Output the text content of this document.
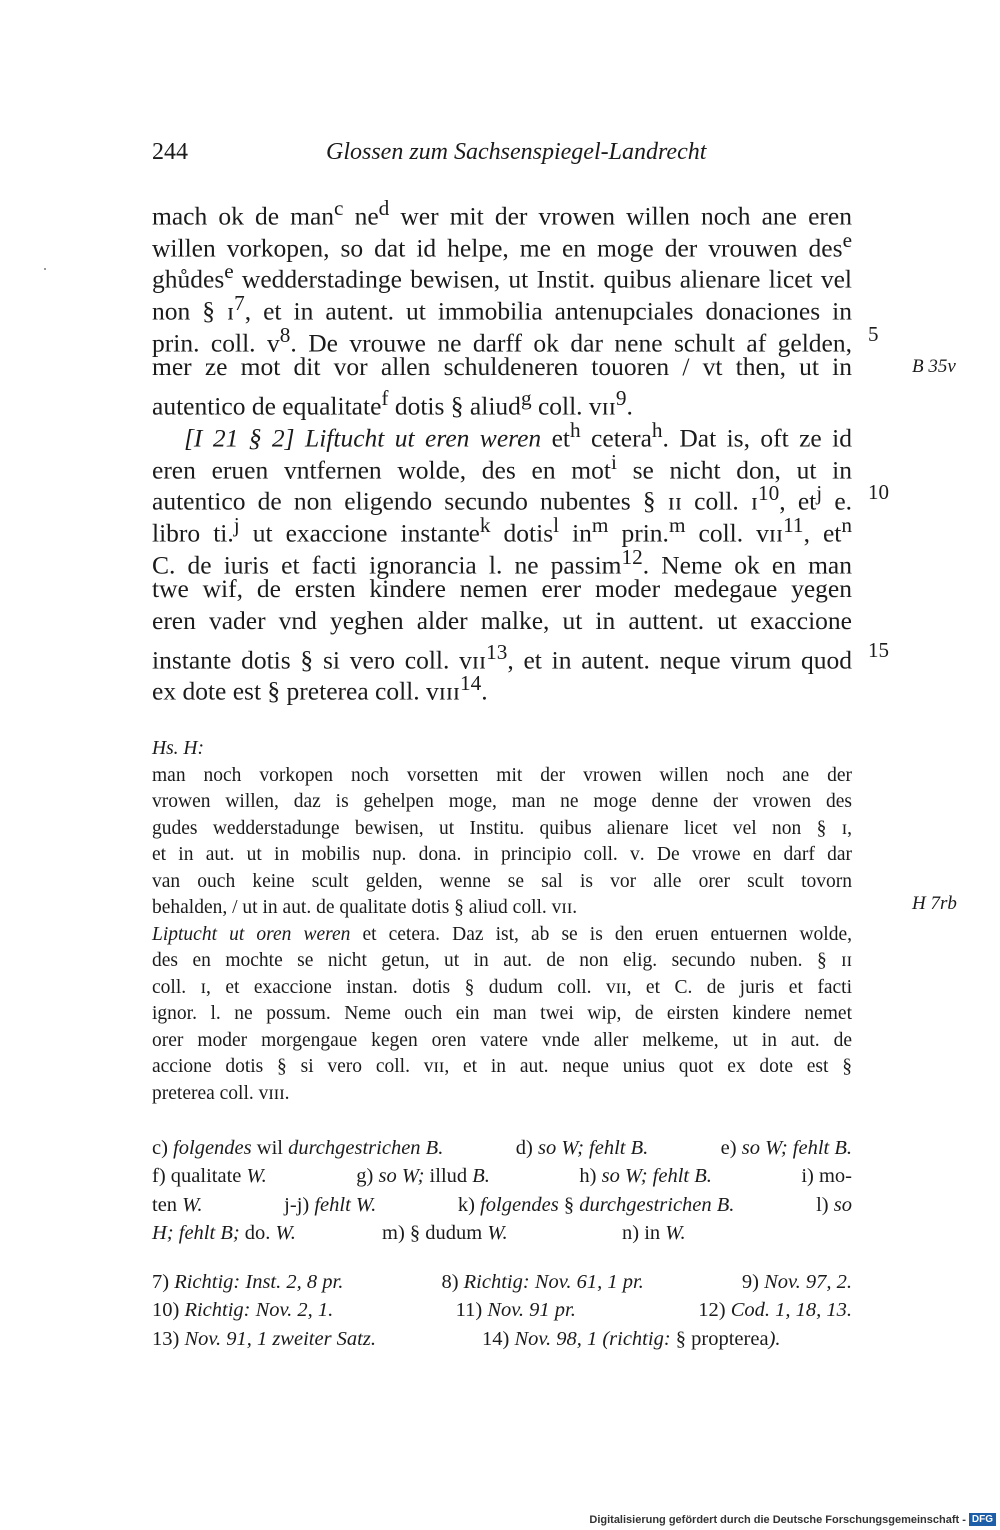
244	Glossen zum Sachsenspiegel-Landrecht
mach ok de man$^c$ $ne^d$ wer mit der vrowen willen noch ane eren
willen vorkopen, so dat id helpe, me en moge der vrouwen des$^e$
ghůdes$^e$ wedderstadinge bewisen, ut Instit. quibus alienare licet vel
non § ɪ$^7$, et in autent. ut immobilia antenupciales donaciones in
prin. coll. ᴠ$^8$. De vrouwe ne darff ok dar nene schult af gelden,
mer ze mot dit vor allen schuldeneren touoren / vt then, ut in
autentico de equalitate$^f$ dotis § aliud$^g$ coll. ᴠɪɪ$^9$.
[I 21 § 2] Liftucht ut eren weren $et^h$ cetera$^h$. Dat is, oft ze id
eren eruen vntfernen wolde, des en mot$^i$ se nicht don, ut in
autentico de non eligendo secundo nubentes § ɪɪ coll. ɪ$^{10}$, $et^j$ e.
libro ti.$^j$ ut exaccione instante$^k$ dotis$^l$ $in^m$ prin.$^m$ coll. ᴠɪɪ$^{11}$, $et^n$
C. de iuris et facti ignorancia l. ne passim$^{12}$. Neme ok en man
twe wif, de ersten kindere nemen erer moder medegaue yegen
eren vader vnd yeghen alder malke, ut in auttent. ut exaccione
instante dotis § si vero coll. ᴠɪɪ$^{13}$, et in autent. neque virum quod
ex dote est § preterea coll. ᴠɪɪɪ$^{14}$.
5
10
15
B 35v
H 7rb
Hs. H:
man noch vorkopen noch vorsetten mit der vrowen willen noch ane der
vrowen willen, daz is gehelpen moge, man ne moge denne der vrowen des
gudes wedderstadunge bewisen, ut Institu. quibus alienare licet vel non § ɪ,
et in aut. ut in mobilis nup. dona. in principio coll. ᴠ. De vrowe en darf dar
van ouch keine scult gelden, wenne se sal is vor alle orer scult tovorn
behalden, / ut in aut. de qualitate dotis § aliud coll. ᴠɪɪ.
Liptucht ut oren weren et cetera. Daz ist, ab se is den eruen entuernen wolde,
des en mochte se nicht getun, ut in aut. de non elig. secundo nuben. § ɪɪ
coll. ɪ, et exaccione instan. dotis § dudum coll. ᴠɪɪ, et C. de juris et facti
ignor. l. ne possum. Neme ouch ein man twei wip, de eirsten kindere nemet
orer moder morgengaue kegen oren vatere vnde aller melkeme, ut in aut. de
accione dotis § si vero coll. ᴠɪɪ, et in aut. neque unius quot ex dote est §
preterea coll. ᴠɪɪɪ.
c) folgendes wil durchgestrichen B.	d) so W; fehlt B.	e) so W; fehlt B.
f) qualitate W.	g) so W; illud B.	h) so W; fehlt B.	i) mo-
ten W.	j-j) fehlt W.	k) folgendes § durchgestrichen B.	l) so
H; fehlt B; do. W.	m) § dudum W.	n) in W.
7) Richtig: Inst. 2, 8 pr.	8) Richtig: Nov. 61, 1 pr.	9) Nov. 97, 2.
10) Richtig: Nov. 2, 1.	11) Nov. 91 pr.	12) Cod. 1, 18, 13.
13) Nov. 91, 1 zweiter Satz.	14) Nov. 98, 1 (richtig: § propterea).
Digitalisierung gefördert durch die Deutsche Forschungsgemeinschaft - DFG
